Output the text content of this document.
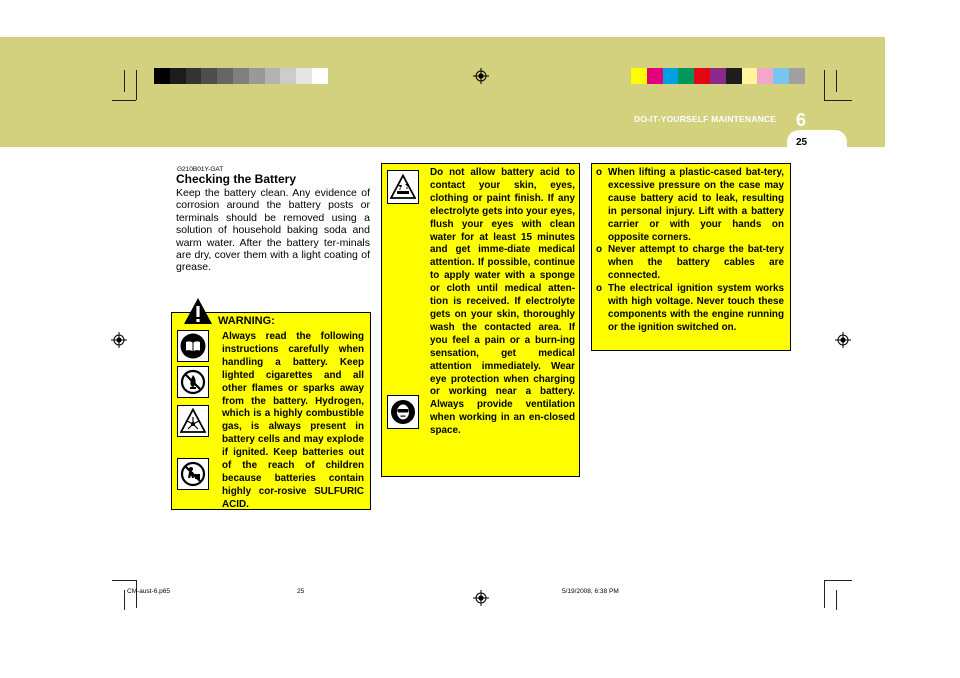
DO-IT-YOURSELF MAINTENANCE 6
25
G210B01Y-GAT
Checking the Battery
Keep the battery clean. Any evidence of corrosion around the battery posts or terminals should be removed using a solution of household baking soda and warm water. After the battery ter-minals are dry, cover them with a light coating of grease.
WARNING:
Always read the following instructions carefully when handling a battery. Keep lighted cigarettes and all other flames or sparks away from the battery. Hydrogen, which is a highly combustible gas, is always present in battery cells and may explode if ignited. Keep batteries out of the reach of children because batteries contain highly cor-rosive SULFURIC ACID.
Do not allow battery acid to contact your skin, eyes, clothing or paint finish. If any electrolyte gets into your eyes, flush your eyes with clean water for at least 15 minutes and get imme-diate medical attention. If possible, continue to apply water with a sponge or cloth until medical atten-tion is received. If electrolyte gets on your skin, thoroughly wash the contacted area. If you feel a pain or a burn-ing sensation, get medical attention immediately. Wear eye protection when charging or working near a battery. Always provide ventilation when working in an en-closed space.
o When lifting a plastic-cased bat-tery, excessive pressure on the case may cause battery acid to leak, resulting in personal injury. Lift with a battery carrier or with your hands on opposite corners.
o Never attempt to charge the bat-tery when the battery cables are connected.
o The electrical ignition system works with high voltage. Never touch these components with the engine running or the ignition switched on.
CM-aust-6.p65	25	5/19/2008, 6:38 PM
